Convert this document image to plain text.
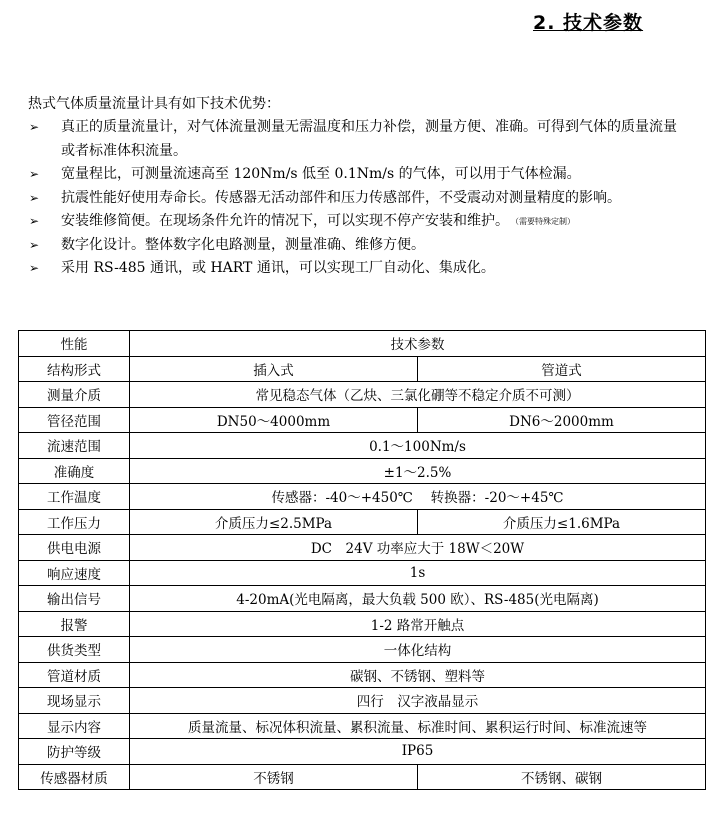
2. 技术参数
热式气体质量流量计具有如下技术优势：
➢ 真正的质量流量计，对气体流量测量无需温度和压力补偿，测量方便、准确。可得到气体的质量流量或者标准体积流量。
➢ 宽量程比，可测量流速高至 120Nm/s 低至 0.1Nm/s 的气体，可以用于气体检漏。
➢ 抗震性能好使用寿命长。传感器无活动部件和压力传感部件，不受震动对测量精度的影响。
➢ 安装维修简便。在现场条件允许的情况下，可以实现不停产安装和维护。 （需要特殊定制）
➢ 数字化设计。整体数字化电路测量，测量准确、维修方便。
➢ 采用 RS-485 通讯，或 HART 通讯，可以实现工厂自动化、集成化。
性能	技术参数	
结构形式	插入式	管道式
测量介质	常见稳态气体（乙炔、三氯化硼等不稳定介质不可测）	
管径范围	DN50～4000mm	DN6～2000mm
流速范围	0.1～100Nm/s	
准确度	±1～2.5%	
工作温度	传感器：-40～+450℃　 转换器：-20～+45℃	
工作压力	介质压力≤2.5MPa	介质压力≤1.6MPa
供电电源	DC　24V 功率应大于 18W＜20W	
响应速度	1s	
输出信号	4-20mA(光电隔离，最大负载 500 欧）、RS-485(光电隔离)	
报警	1-2 路常开触点	
供货类型	一体化结构	
管道材质	碳钢、不锈钢、塑料等	
现场显示	四行　汉字液晶显示	
显示内容	质量流量、标况体积流量、累积流量、标准时间、累积运行时间、标准流速等	
防护等级	IP65	
传感器材质	不锈钢	不锈钢、碳钢
